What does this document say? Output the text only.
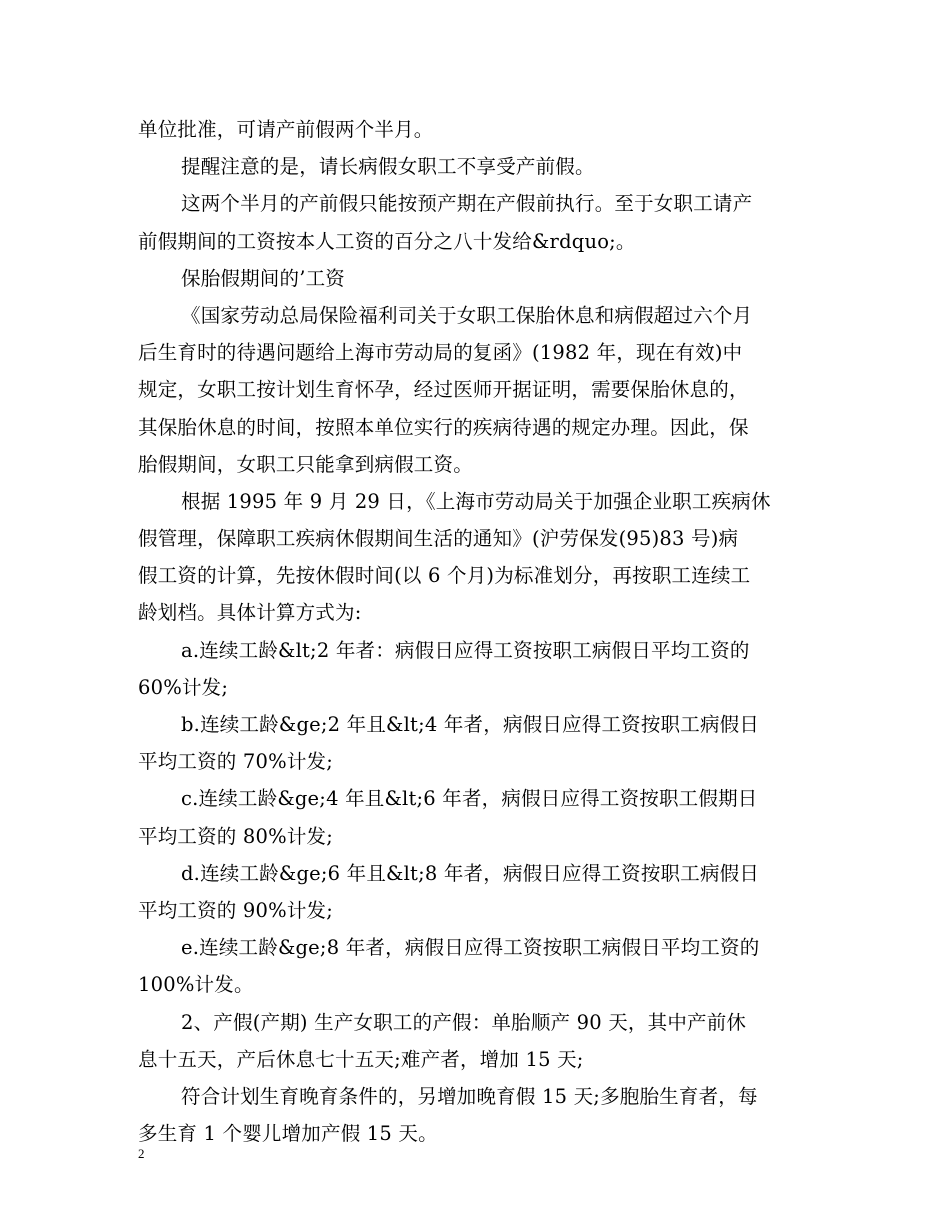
单位批准，可请产前假两个半月。
提醒注意的是，请长病假女职工不享受产前假。
这两个半月的产前假只能按预产期在产假前执行。至于女职工请产
前假期间的工资按本人工资的百分之八十发给&rdquo;。
保胎假期间的’工资
《国家劳动总局保险福利司关于女职工保胎休息和病假超过六个月
后生育时的待遇问题给上海市劳动局的复函》(1982 年，现在有效)中
规定，女职工按计划生育怀孕，经过医师开据证明，需要保胎休息的，
其保胎休息的时间，按照本单位实行的疾病待遇的规定办理。因此，保
胎假期间，女职工只能拿到病假工资。
根据 1995 年 9 月 29 日，《上海市劳动局关于加强企业职工疾病休
假管理，保障职工疾病休假期间生活的通知》(沪劳保发(95)83 号)病
假工资的计算，先按休假时间(以 6 个月)为标准划分，再按职工连续工
龄划档。具体计算方式为:
a.连续工龄&lt;2 年者：病假日应得工资按职工病假日平均工资的
60%计发;
b.连续工龄&ge;2 年且&lt;4 年者，病假日应得工资按职工病假日
平均工资的 70%计发;
c.连续工龄&ge;4 年且&lt;6 年者，病假日应得工资按职工假期日
平均工资的 80%计发;
d.连续工龄&ge;6 年且&lt;8 年者，病假日应得工资按职工病假日
平均工资的 90%计发;
e.连续工龄&ge;8 年者，病假日应得工资按职工病假日平均工资的
100%计发。
2、产假(产期) 生产女职工的产假：单胎顺产 90 天，其中产前休
息十五天，产后休息七十五天;难产者，增加 15 天;
符合计划生育晚育条件的，另增加晚育假 15 天;多胞胎生育者，每
多生育 1 个婴儿增加产假 15 天。
2
